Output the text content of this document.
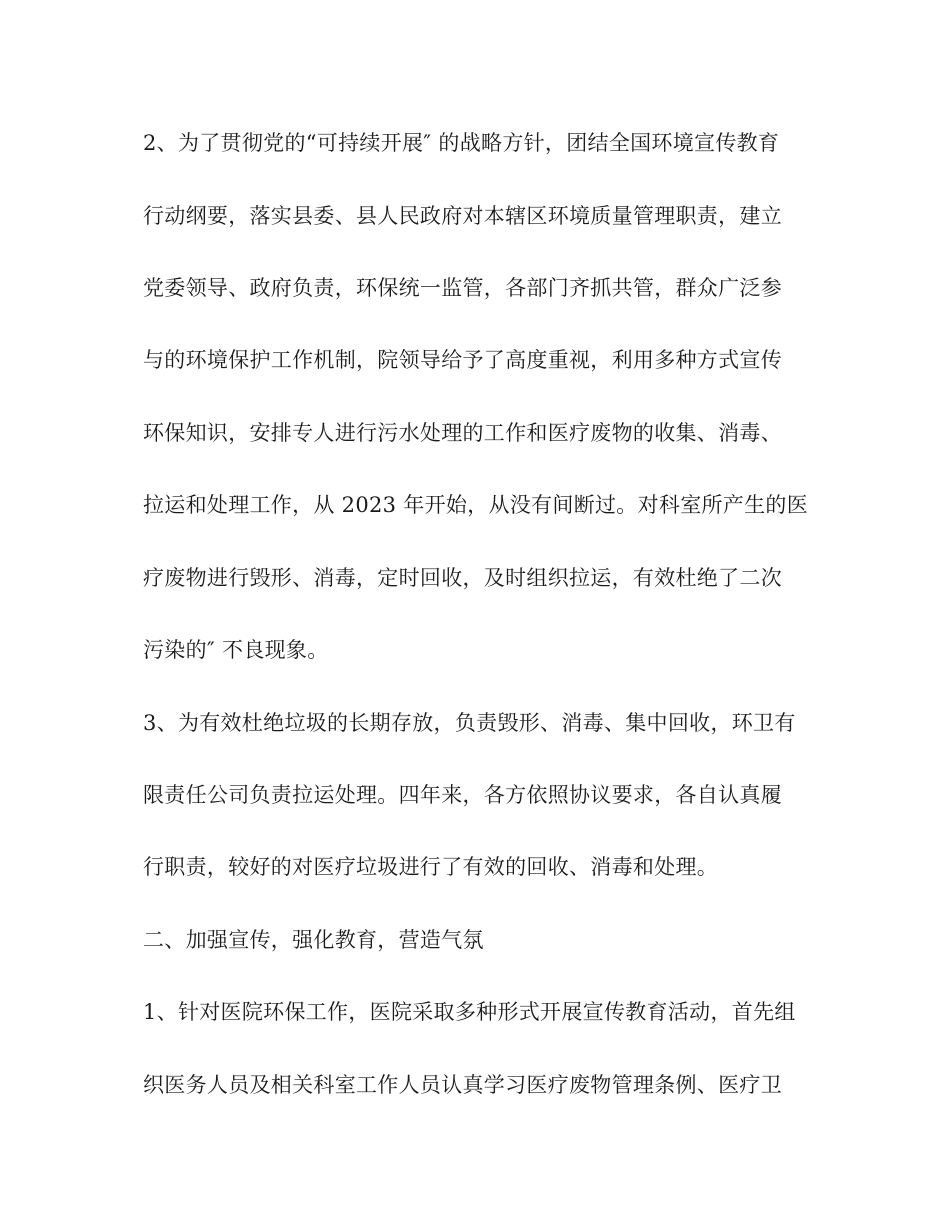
2、为了贯彻党的“可持续开展″ 的战略方针，团结全国环境宣传教育
行动纲要，落实县委、县人民政府对本辖区环境质量管理职责，建立
党委领导、政府负责，环保统一监管，各部门齐抓共管，群众广泛参
与的环境保护工作机制，院领导给予了高度重视，利用多种方式宣传
环保知识，安排专人进行污水处理的工作和医疗废物的收集、消毒、
拉运和处理工作，从 2023 年开始，从没有间断过。对科室所产生的医
疗废物进行毁形、消毒，定时回收，及时组织拉运，有效杜绝了二次
污染的″ 不良现象。
3、为有效杜绝垃圾的长期存放，负责毁形、消毒、集中回收，环卫有
限责任公司负责拉运处理。四年来，各方依照协议要求，各自认真履
行职责，较好的对医疗垃圾进行了有效的回收、消毒和处理。
二、加强宣传，强化教育，营造气氛
1、针对医院环保工作，医院采取多种形式开展宣传教育活动，首先组
织医务人员及相关科室工作人员认真学习医疗废物管理条例、医疗卫
